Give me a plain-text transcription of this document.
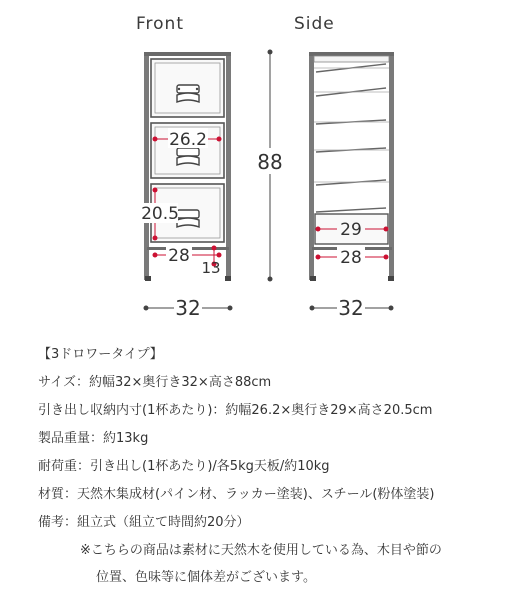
Front	Side
26.2
20.5
28
13
88
32
29
28
32
【3ドロワータイプ】
サイズ：約幅32×奥行き32×高さ88cm
引き出し収納内寸(1杯あたり)：約幅26.2×奥行き29×高さ20.5cm
製品重量：約13kg
耐荷重：引き出し(1杯あたり)/各5kg天板/約10kg
材質：天然木集成材(パイン材、ラッカー塗装)、スチール(粉体塗装)
備考：組立式（組立て時間約20分）
※こちらの商品は素材に天然木を使用している為、木目や節の
位置、色味等に個体差がございます。
